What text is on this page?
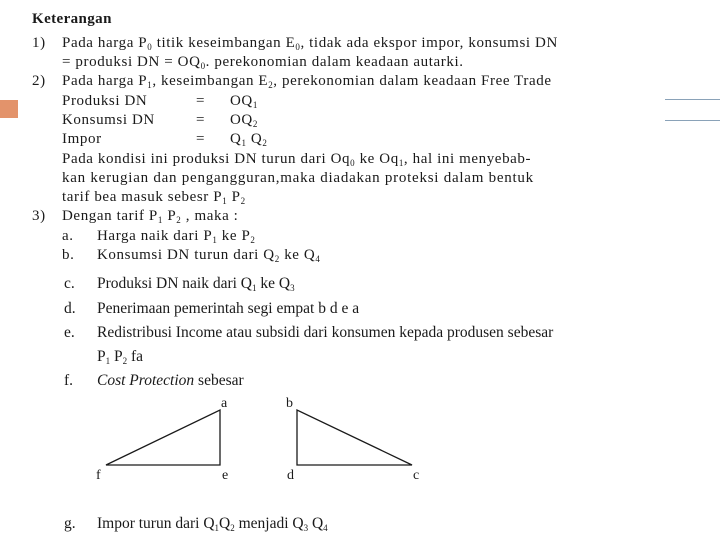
Keterangan
1) Pada harga $P_0$ titik keseimbangan $E_0$, tidak ada ekspor impor, konsumsi DN
= produksi DN = $OQ_0$. perekonomian dalam keadaan autarki.
2) Pada harga $P_1$, keseimbangan $E_2$, perekonomian dalam keadaan Free Trade
Produksi DN	= $OQ_1$
Konsumsi DN	= $OQ_2$
Impor	= $Q_1$ $Q_2$
Pada kondisi ini produksi DN turun dari $Oq_0$ ke $Oq_1$, hal ini menyebab-
kan kerugian dan pengangguran,maka diadakan proteksi dalam bentuk
tarif bea masuk sebesr $P_1$ $P_2$
3) Dengan tarif $P_1$ $P_2$ , maka :
a. Harga naik dari $P_1$ ke $P_2$
b. Konsumsi DN turun dari $Q_2$ ke $Q_4$
c. Produksi DN naik dari $Q_1$ ke $Q_3$
d. Penerimaan pemerintah segi empat b d e a
e. Redistribusi Income atau subsidi dari konsumen kepada produsen sebesar
$P_1$ $P_2$ fa
f. Cost Protection sebesar
a
f	e
b
d	c
g. Impor turun dari $Q_1Q_2$ menjadi $Q_3$ $Q_4$
